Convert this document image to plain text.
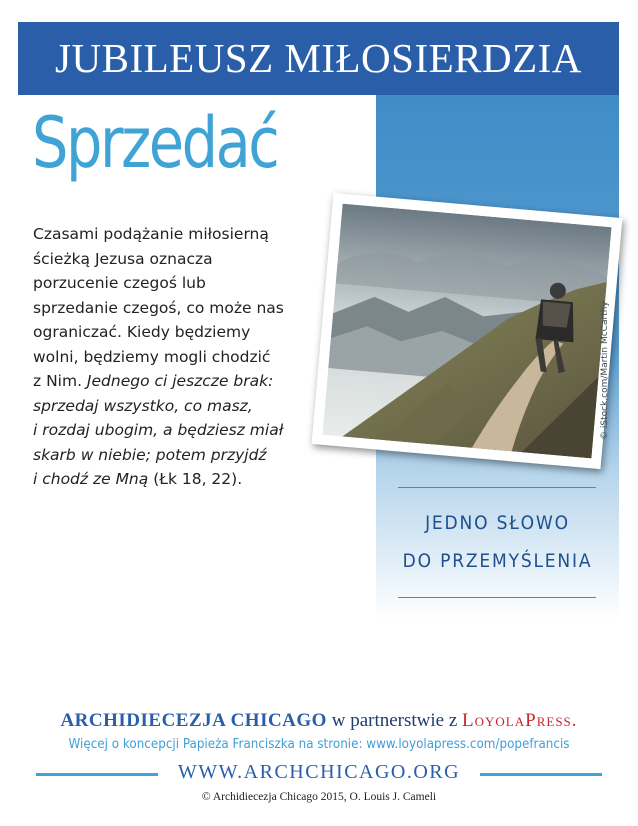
JUBILEUSZ MIŁOSIERDZIA
Sprzedać
Czasami podążanie miłosierną
ścieżką Jezusa oznacza
porzucenie czegoś lub
sprzedanie czegoś, co może nas
ograniczać. Kiedy będziemy
wolni, będziemy mogli chodzić
z Nim. Jednego ci jeszcze brak:
sprzedaj wszystko, co masz,
i rozdaj ubogim, a będziesz miał
skarb w niebie; potem przyjdź
i chodź ze Mną (Łk 18, 22).
© iStock.com/Martin McCarthy
JEDNO SŁOWO
DO PRZEMYŚLENIA
ARCHIDIECEZJA CHICAGO w partnerstwie z LoyolaPress.
Więcej o koncepcji Papieża Franciszka na stronie: www.loyolapress.com/popefrancis
WWW.ARCHCHICAGO.ORG
© Archidiecezja Chicago 2015, O. Louis J. Cameli
